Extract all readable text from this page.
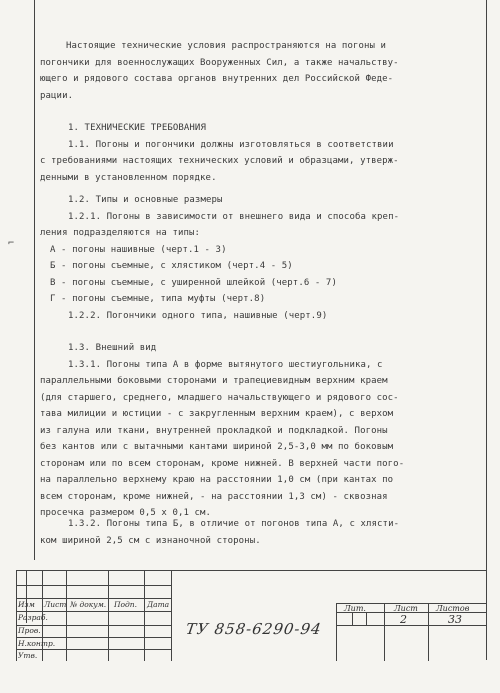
⌐
Настоящие технические условия распространяются на погоны и
погончики для военнослужащих Вооруженных Сил, а также начальству-
ющего и рядового состава органов внутренних дел Российской Феде-
рации.
1. ТЕХНИЧЕСКИЕ ТРЕБОВАНИЯ
1.1. Погоны и погончики должны изготовляться в соответствии
с требованиями настоящих технических условий и образцами, утверж-
денными в установленном порядке.
1.2. Типы и основные размеры
1.2.1. Погоны в зависимости от внешнего вида и способа креп-
ления подразделяются на типы:
А - погоны нашивные (черт.1 - 3)
Б - погоны съемные, с хлястиком (черт.4 - 5)
В - погоны съемные, с уширенной шлейкой (черт.6 - 7)
Г - погоны съемные, типа муфты (черт.8)
1.2.2. Погончики одного типа, нашивные (черт.9)
1.3. Внешний вид
1.3.1. Погоны типа А в форме вытянутого шестиугольника, с
параллельными боковыми сторонами и трапециевидным верхним краем
(для старшего, среднего, младшего начальствующего и рядового сос-
тава милиции и юстиции - с закругленным верхним краем), с верхом
из галуна или ткани, внутренней прокладкой и подкладкой. Погоны
без кантов или с вытачными кантами шириной 2,5-3,0 мм по боковым
сторонам или по всем сторонам, кроме нижней. В верхней части пого-
на параллельно верхнему краю на расстоянии 1,0 см (при кантах по
всем сторонам, кроме нижней, - на расстоянии 1,3 см) - сквозная
просечка размером 0,5 х 0,1 см.
1.3.2. Погоны типа Б, в отличие от погонов типа А, с хлясти-
ком шириной 2,5 см с изнаночной стороны.
Изм Лист № докум. Подп. Дата
Разраб.
Пров.
Н.контр.
Утв.
Лит.	Лист Листов
2	33
ТУ 858-6290-94
